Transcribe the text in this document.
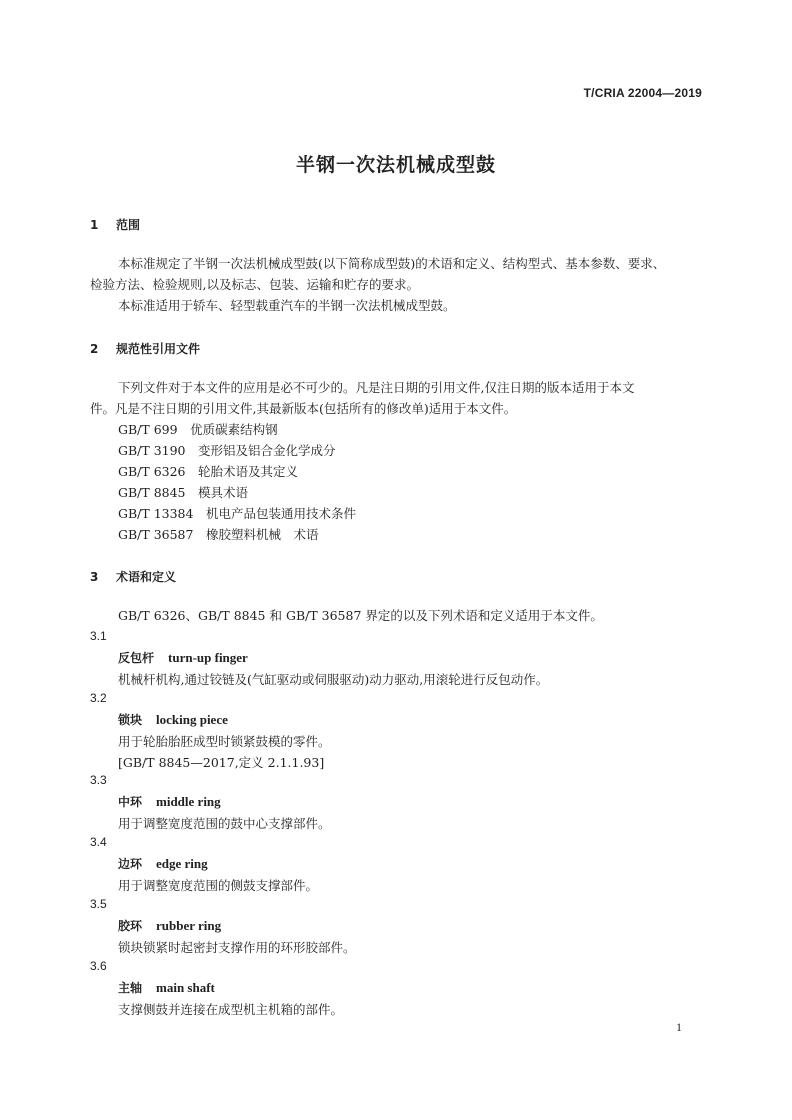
T/CRIA 22004—2019
半钢一次法机械成型鼓
1 范围
本标准规定了半钢一次法机械成型鼓(以下简称成型鼓)的术语和定义、结构型式、基本参数、要求、
检验方法、检验规则,以及标志、包装、运输和贮存的要求。
本标准适用于轿车、轻型载重汽车的半钢一次法机械成型鼓。
2 规范性引用文件
下列文件对于本文件的应用是必不可少的。凡是注日期的引用文件,仅注日期的版本适用于本文
件。凡是不注日期的引用文件,其最新版本(包括所有的修改单)适用于本文件。
GB/T 699　 优质碳素结构钢
GB/T 3190　 变形铝及铝合金化学成分
GB/T 6326　 轮胎术语及其定义
GB/T 8845　 模具术语
GB/T 13384　 机电产品包装通用技术条件
GB/T 36587　 橡胶塑料机械　术语
3 术语和定义
GB/T 6326、GB/T 8845 和 GB/T 36587 界定的以及下列术语和定义适用于本文件。
3.1
反包杆 turn-up finger
机械杆机构,通过铰链及(气缸驱动或伺服驱动)动力驱动,用滚轮进行反包动作。
3.2
锁块 locking piece
用于轮胎胎胚成型时锁紧鼓模的零件。
[GB/T 8845—2017,定义 2.1.1.93]
3.3
中环 middle ring
用于调整宽度范围的鼓中心支撑部件。
3.4
边环 edge ring
用于调整宽度范围的侧鼓支撑部件。
3.5
胶环 rubber ring
锁块锁紧时起密封支撑作用的环形胶部件。
3.6
主轴 main shaft
支撑侧鼓并连接在成型机主机箱的部件。
1
